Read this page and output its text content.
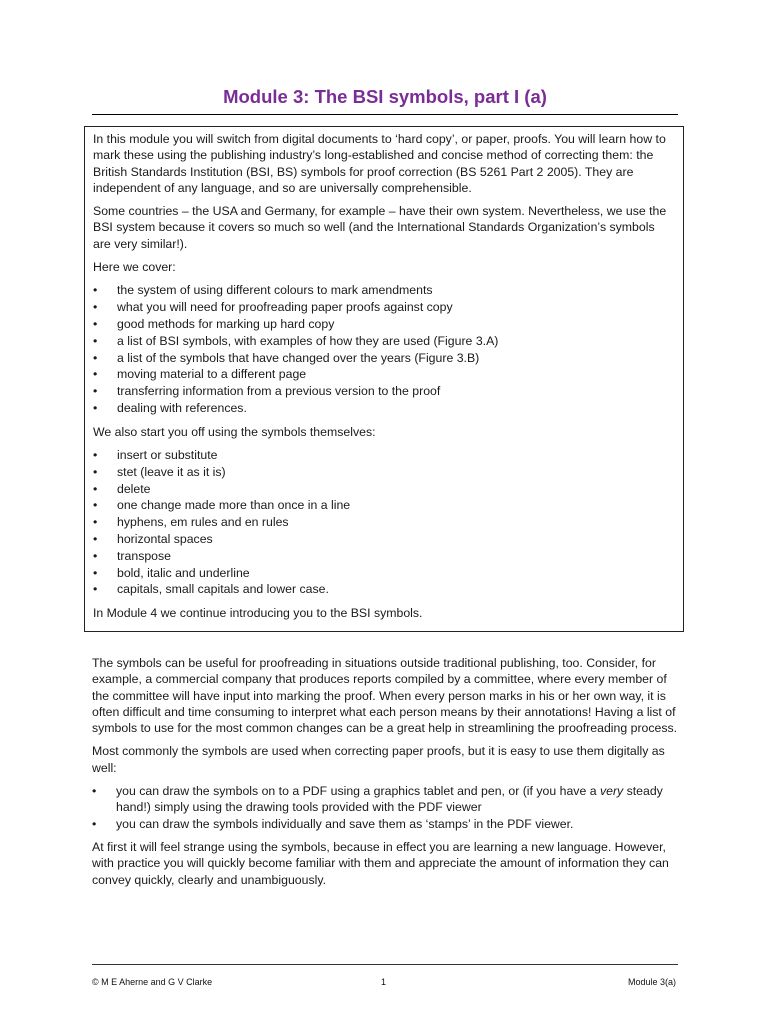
Module 3: The BSI symbols, part I (a)

In this module you will switch from digital documents to ‘hard copy’, or paper, proofs. You will learn how to mark these using the publishing industry’s long-established and concise method of correcting them: the British Standards Institution (BSI, BS) symbols for proof correction (BS 5261 Part 2 2005). They are independent of any language, and so are universally comprehensible.

Some countries – the USA and Germany, for example – have their own system. Nevertheless, we use the BSI system because it covers so much so well (and the International Standards Organization’s symbols are very similar!).

Here we cover:

• the system of using different colours to mark amendments
• what you will need for proofreading paper proofs against copy
• good methods for marking up hard copy
• a list of BSI symbols, with examples of how they are used (Figure 3.A)
• a list of the symbols that have changed over the years (Figure 3.B)
• moving material to a different page
• transferring information from a previous version to the proof
• dealing with references.

We also start you off using the symbols themselves:

• insert or substitute
• stet (leave it as it is)
• delete
• one change made more than once in a line
• hyphens, em rules and en rules
• horizontal spaces
• transpose
• bold, italic and underline
• capitals, small capitals and lower case.

In Module 4 we continue introducing you to the BSI symbols.

The symbols can be useful for proofreading in situations outside traditional publishing, too. Consider, for example, a commercial company that produces reports compiled by a committee, where every member of the committee will have input into marking the proof. When every person marks in his or her own way, it is often difficult and time consuming to interpret what each person means by their annotations! Having a list of symbols to use for the most common changes can be a great help in streamlining the proofreading process.

Most commonly the symbols are used when correcting paper proofs, but it is easy to use them digitally as well:

• you can draw the symbols on to a PDF using a graphics tablet and pen, or (if you have a very steady hand!) simply using the drawing tools provided with the PDF viewer
• you can draw the symbols individually and save them as ‘stamps’ in the PDF viewer.

At first it will feel strange using the symbols, because in effect you are learning a new language. However, with practice you will quickly become familiar with them and appreciate the amount of information they can convey quickly, clearly and unambiguously.

© M E Aherne and G V Clarke	1	Module 3(a)
